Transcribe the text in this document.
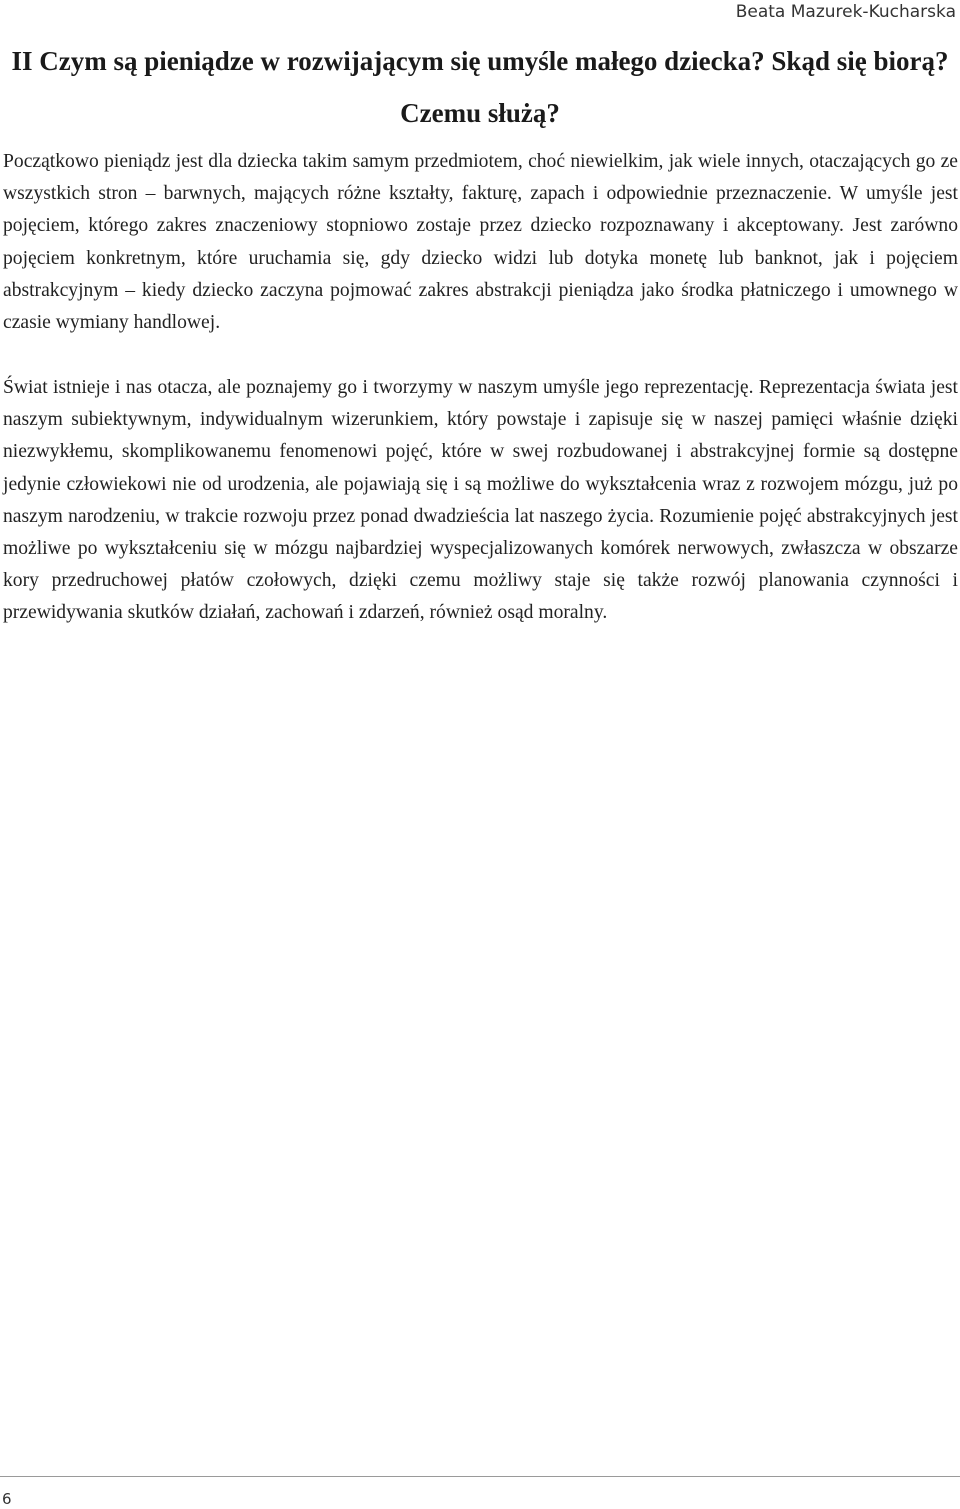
Beata Mazurek-Kucharska
II Czym są pieniądze w rozwijającym się umyśle małego dziecka? Skąd się biorą? Czemu służą?

Początkowo pieniądz jest dla dziecka takim samym przedmiotem, choć niewielkim, jak wiele innych, otaczających go ze wszystkich stron – barwnych, mających różne kształty, fakturę, zapach i odpowiednie przeznaczenie. W umyśle jest pojęciem, którego zakres znaczeniowy stopniowo zostaje przez dziecko rozpoznawany i akceptowany. Jest zarówno pojęciem konkretnym, które uruchamia się, gdy dziecko widzi lub dotyka monetę lub banknot, jak i pojęciem abstrakcyjnym – kiedy dziecko zaczyna pojmować zakres abstrakcji pieniądza jako środka płatniczego i umownego w czasie wymiany handlowej.

Świat istnieje i nas otacza, ale poznajemy go i tworzymy w naszym umyśle jego reprezentację. Reprezentacja świata jest naszym subiektywnym, indywidualnym wizerunkiem, który powstaje i zapisuje się w naszej pamięci właśnie dzięki niezwykłemu, skomplikowanemu fenomenowi pojęć, które w swej rozbudowanej i abstrakcyjnej formie są dostępne jedynie człowiekowi nie od urodzenia, ale pojawiają się i są możliwe do wykształcenia wraz z rozwojem mózgu, już po naszym narodzeniu, w trakcie rozwoju przez ponad dwadzieścia lat naszego życia. Rozumienie pojęć abstrakcyjnych jest możliwe po wykształceniu się w mózgu najbardziej wyspecjalizowanych komórek nerwowych, zwłaszcza w obszarze kory przedruchowej płatów czołowych, dzięki czemu możliwy staje się także rozwój planowania czynności i przewidywania skutków działań, zachowań i zdarzeń, również osąd moralny.

6
